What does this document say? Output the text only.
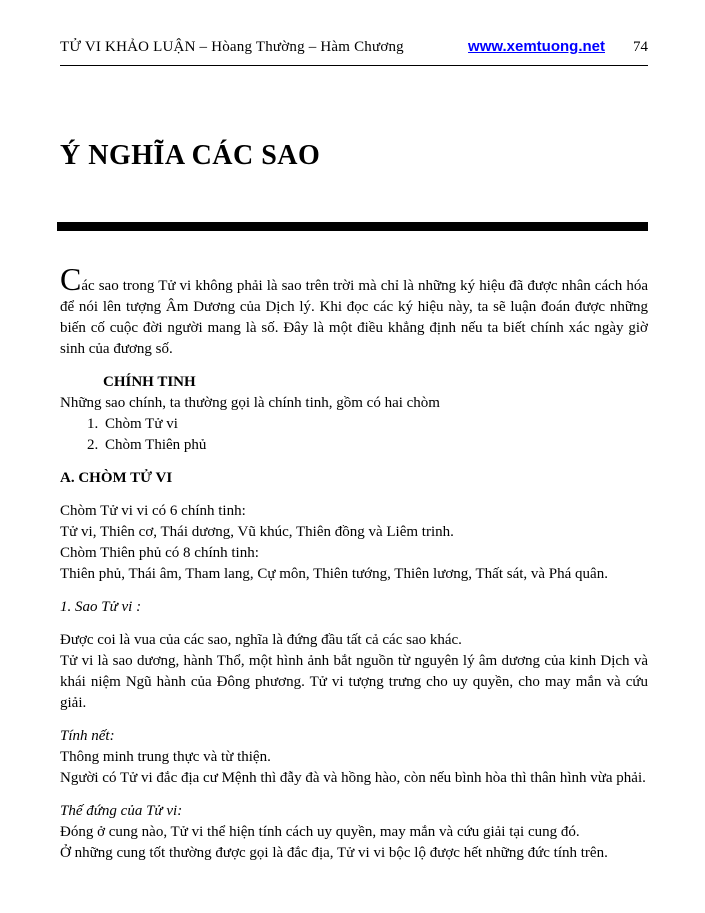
TỬ VI KHẢO LUẬN – Hòang Thường – Hàm Chương	www.xemtuong.net 74
Ý NGHĨA CÁC SAO

Các sao trong Tử vi không phải là sao trên trời mà chỉ là những ký hiệu đã được nhân cách hóa để nói lên tượng Âm Dương của Dịch lý. Khi đọc các ký hiệu này, ta sẽ luận đoán được những biến cố cuộc đời người mang là số. Đây là một điều khẳng định nếu ta biết chính xác ngày giờ sinh của đương số.

CHÍNH TINH

Những sao chính, ta thường gọi là chính tinh, gồm có hai chòm

1. Chòm Tử vi
2. Chòm Thiên phủ

A. CHÒM TỬ VI

Chòm Tử vi vi có 6 chính tinh:

Tử vi, Thiên cơ, Thái dương, Vũ khúc, Thiên đồng và Liêm trinh.

Chòm Thiên phủ có 8 chính tinh:

Thiên phủ, Thái âm, Tham lang, Cự môn, Thiên tướng, Thiên lương, Thất sát, và Phá quân.

1. Sao Tử vi :

Được coi là vua của các sao, nghĩa là đứng đầu tất cả các sao khác.

Tử vi là sao dương, hành Thổ, một hình ảnh bắt nguồn từ nguyên lý âm dương của kinh Dịch và khái niệm Ngũ hành của Đông phương. Tử vi tượng trưng cho uy quyền, cho may mắn và cứu giải.

Tính nết:

Thông minh trung thực và từ thiện.

Người có Tử vi đắc địa cư Mệnh thì đẫy đà và hồng hào, còn nếu bình hòa thì thân hình vừa phải.

Thế đứng của Tử vi:

Đóng ở cung nào, Tử vi thể hiện tính cách uy quyền, may mắn và cứu giải tại cung đó.

Ở những cung tốt thường được gọi là đắc địa, Tử vi vi bộc lộ được hết những đức tính trên.
